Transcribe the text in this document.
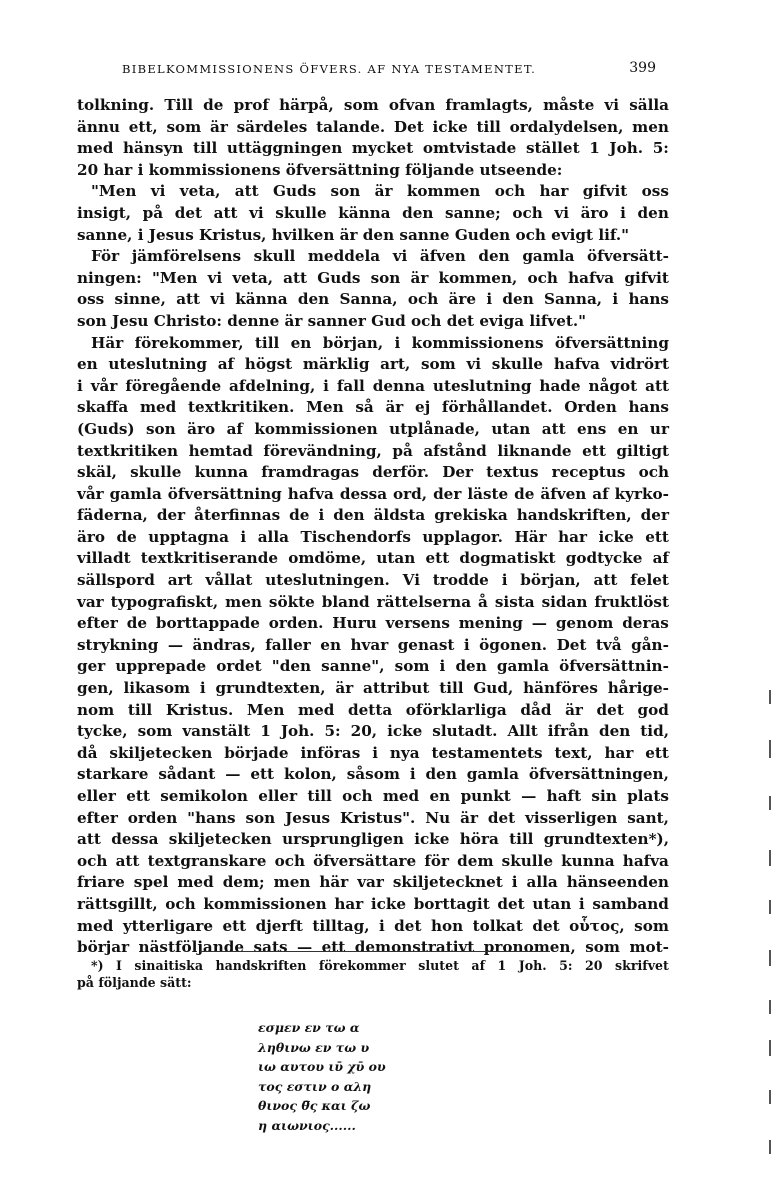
BIBELKOMMISSIONENS ÖFVERS. AF NYA TESTAMENTET.	399
tolkning. Till de prof härpå, som ofvan framlagts, måste vi sälla
ännu ett, som är särdeles talande. Det icke till ordalydelsen, men
med hänsyn till uttäggningen mycket omtvistade stället 1 Joh. 5:
20 har i kommissionens öfversättning följande utseende:
"Men vi veta, att Guds son är kommen och har gifvit oss
insigt, på det att vi skulle känna den sanne; och vi äro i den
sanne, i Jesus Kristus, hvilken är den sanne Guden och evigt lif."
För jämförelsens skull meddela vi äfven den gamla öfversätt-
ningen: "Men vi veta, att Guds son är kommen, och hafva gifvit
oss sinne, att vi känna den Sanna, och äre i den Sanna, i hans
son Jesu Christo: denne är sanner Gud och det eviga lifvet."
Här förekommer, till en början, i kommissionens öfversättning
en uteslutning af högst märklig art, som vi skulle hafva vidrört
i vår föregående afdelning, i fall denna uteslutning hade något att
skaffa med textkritiken. Men så är ej förhållandet. Orden hans
(Guds) son äro af kommissionen utplånade, utan att ens en ur
textkritiken hemtad förevändning, på afstånd liknande ett giltigt
skäl, skulle kunna framdragas derför. Der textus receptus och
vår gamla öfversättning hafva dessa ord, der läste de äfven af kyrko-
fäderna, der återfinnas de i den äldsta grekiska handskriften, der
äro de upptagna i alla Tischendorfs upplagor. Här har icke ett
villadt textkritiserande omdöme, utan ett dogmatiskt godtycke af
sällspord art vållat uteslutningen. Vi trodde i början, att felet
var typografiskt, men sökte bland rättelserna å sista sidan fruktlöst
efter de borttappade orden. Huru versens mening — genom deras
strykning — ändras, faller en hvar genast i ögonen. Det två gån-
ger upprepade ordet "den sanne", som i den gamla öfversättnin-
gen, likasom i grundtexten, är attribut till Gud, hänföres hårige-
nom till Kristus. Men med detta oförklarliga dåd är det god
tycke, som vanstält 1 Joh. 5: 20, icke slutadt. Allt ifrån den tid,
då skiljetecken började införas i nya testamentets text, har ett
starkare sådant — ett kolon, såsom i den gamla öfversättningen,
eller ett semikolon eller till och med en punkt — haft sin plats
efter orden "hans son Jesus Kristus". Nu är det visserligen sant,
att dessa skiljetecken ursprungligen icke höra till grundtexten*),
och att textgranskare och öfversättare för dem skulle kunna hafva
friare spel med dem; men här var skiljetecknet i alla hänseenden
rättsgillt, och kommissionen har icke borttagit det utan i samband
med ytterligare ett djerft tilltag, i det hon tolkat det οὗτος, som
börjar nästföljande sats — ett demonstrativt pronomen, som mot-
*) I sinaitiska handskriften förekommer slutet af 1 Joh. 5: 20 skrifvet
på följande sätt:
εσμεν εν τω α
ληθινω εν τω υ
ιω αυτου ιῡ χῡ ου
τος εστιν ο αλη
θινος θ̅ς και ζω
η αιωνιος......
